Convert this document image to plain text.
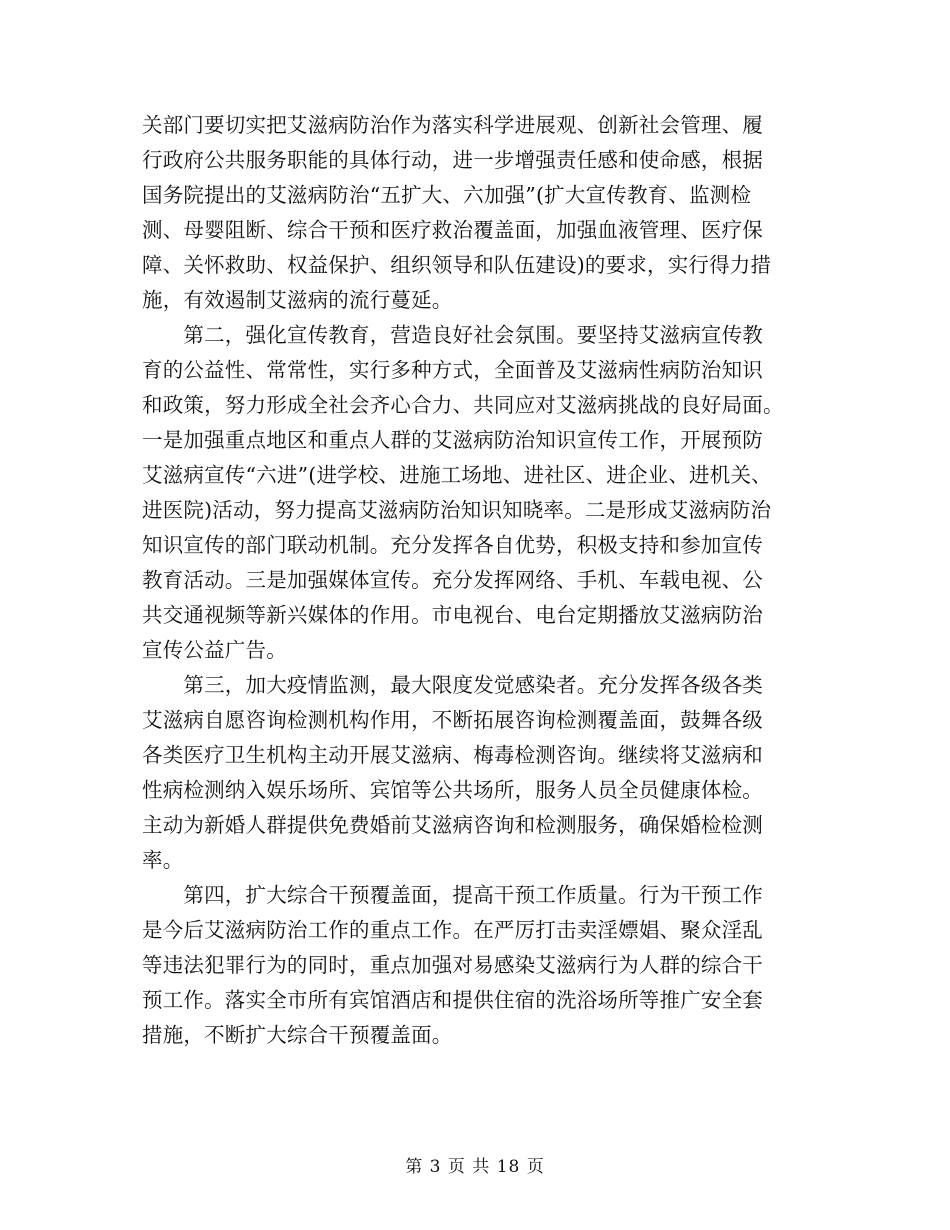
关部门要切实把艾滋病防治作为落实科学进展观、创新社会管理、履
行政府公共服务职能的具体行动，进一步增强责任感和使命感，根据
国务院提出的艾滋病防治“五扩大、六加强”(扩大宣传教育、监测检
测、母婴阻断、综合干预和医疗救治覆盖面，加强血液管理、医疗保
障、关怀救助、权益保护、组织领导和队伍建设)的要求，实行得力措
施，有效遏制艾滋病的流行蔓延。
　　第二，强化宣传教育，营造良好社会氛围。要坚持艾滋病宣传教
育的公益性、常常性，实行多种方式，全面普及艾滋病性病防治知识
和政策，努力形成全社会齐心合力、共同应对艾滋病挑战的良好局面。
一是加强重点地区和重点人群的艾滋病防治知识宣传工作，开展预防
艾滋病宣传“六进”(进学校、进施工场地、进社区、进企业、进机关、
进医院)活动，努力提高艾滋病防治知识知晓率。二是形成艾滋病防治
知识宣传的部门联动机制。充分发挥各自优势，积极支持和参加宣传
教育活动。三是加强媒体宣传。充分发挥网络、手机、车载电视、公
共交通视频等新兴媒体的作用。市电视台、电台定期播放艾滋病防治
宣传公益广告。
　　第三，加大疫情监测，最大限度发觉感染者。充分发挥各级各类
艾滋病自愿咨询检测机构作用，不断拓展咨询检测覆盖面，鼓舞各级
各类医疗卫生机构主动开展艾滋病、梅毒检测咨询。继续将艾滋病和
性病检测纳入娱乐场所、宾馆等公共场所，服务人员全员健康体检。
主动为新婚人群提供免费婚前艾滋病咨询和检测服务，确保婚检检测
率。
　　第四，扩大综合干预覆盖面，提高干预工作质量。行为干预工作
是今后艾滋病防治工作的重点工作。在严厉打击卖淫嫖娼、聚众淫乱
等违法犯罪行为的同时，重点加强对易感染艾滋病行为人群的综合干
预工作。落实全市所有宾馆酒店和提供住宿的洗浴场所等推广安全套
措施，不断扩大综合干预覆盖面。
第 3 页 共 18 页
